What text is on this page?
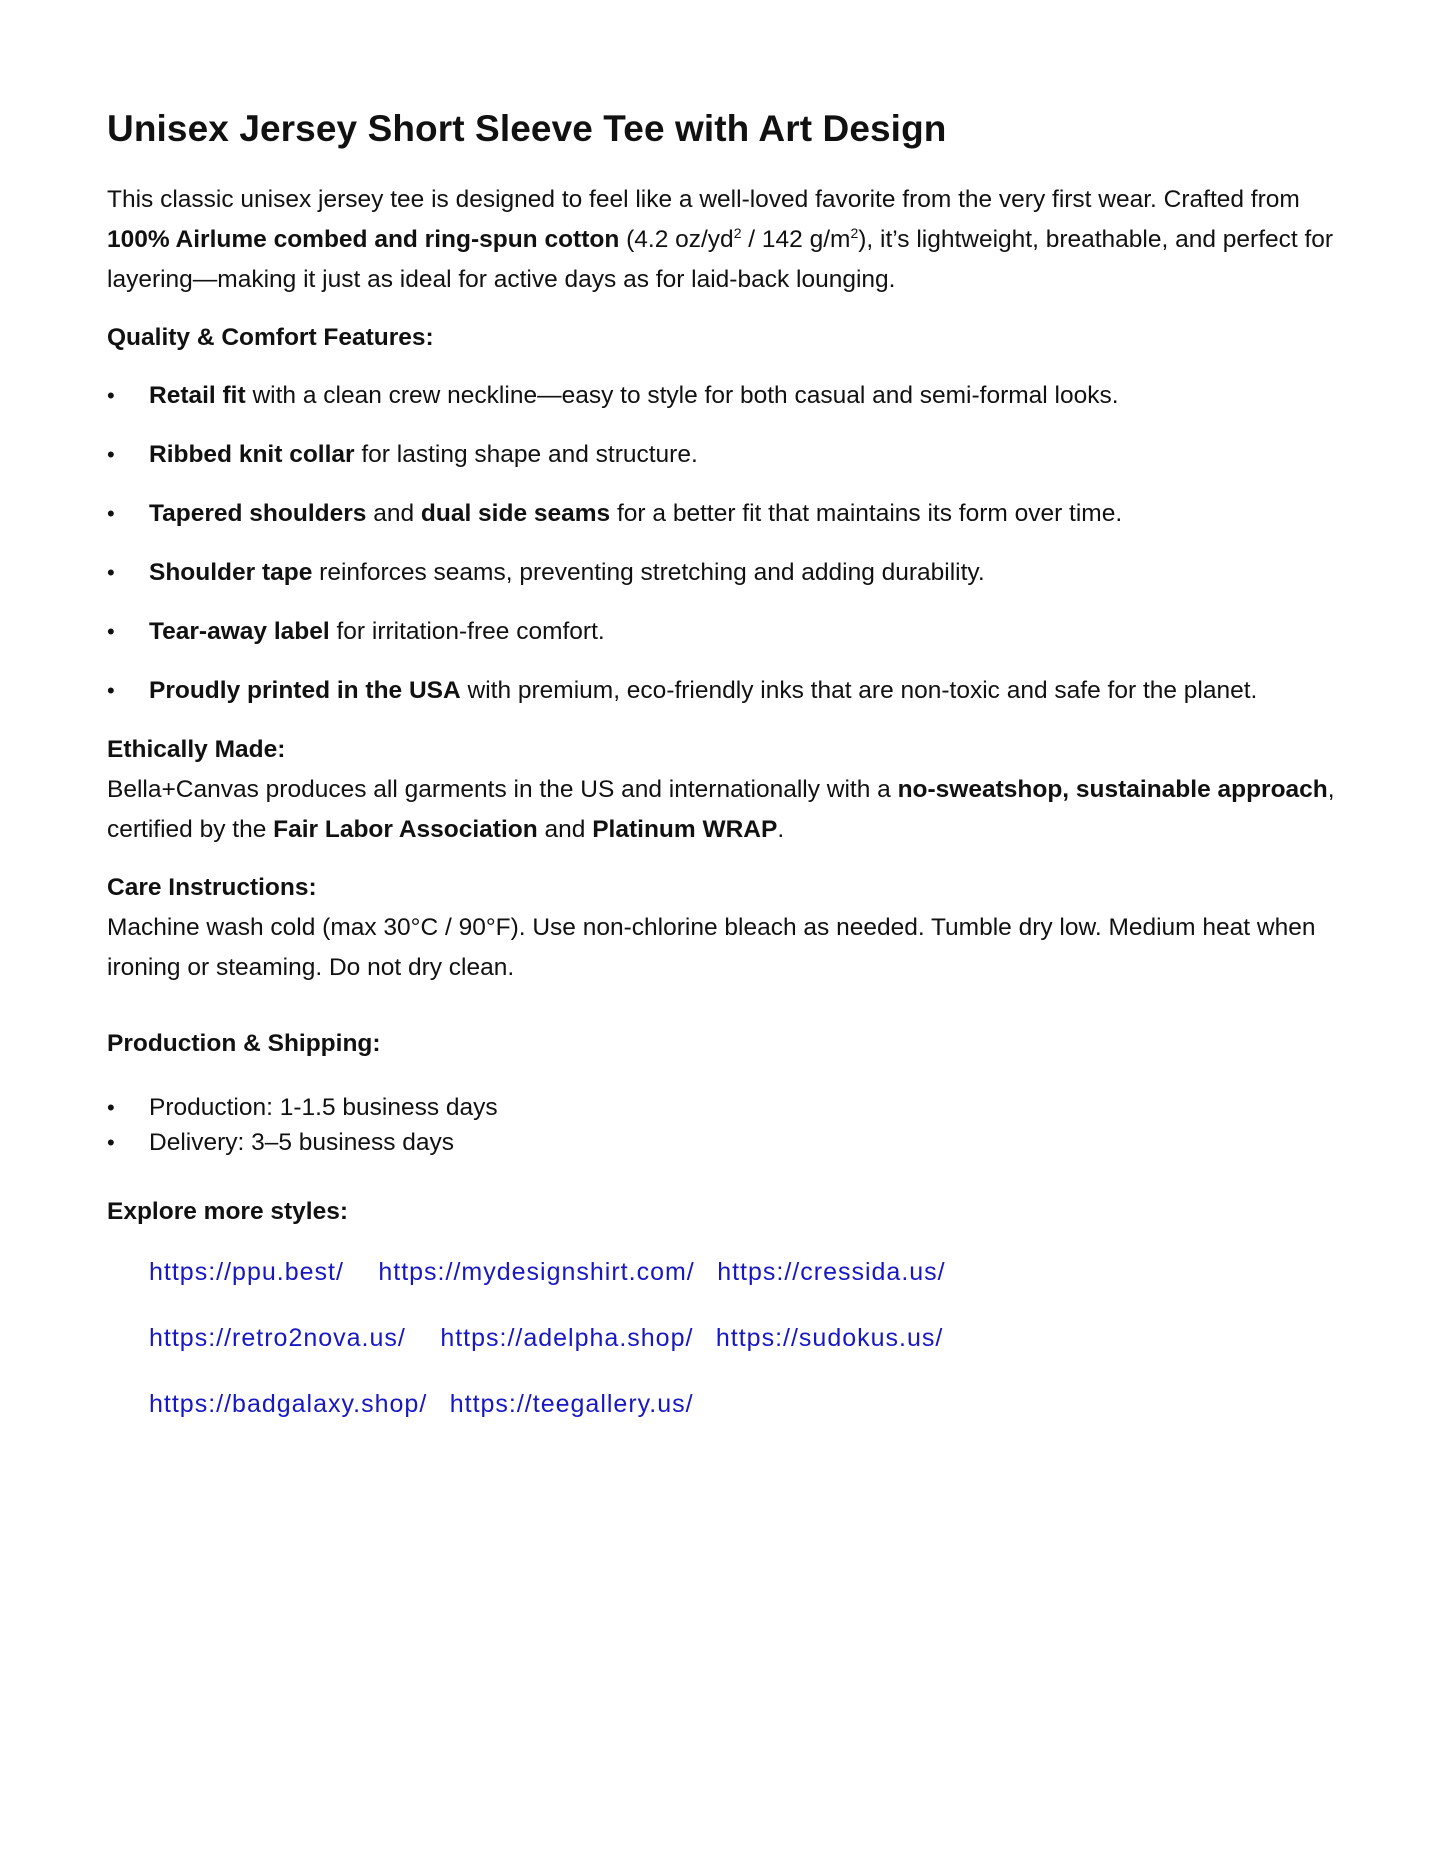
Unisex Jersey Short Sleeve Tee with Art Design

This classic unisex jersey tee is designed to feel like a well-loved favorite from the very first wear. Crafted from 100% Airlume combed and ring-spun cotton (4.2 $oz/yd^2 / 142$ $g/m^2$), it’s lightweight, breathable, and perfect for layering—making it just as ideal for active days as for laid-back lounging.

Quality & Comfort Features:
• Retail fit with a clean crew neckline—easy to style for both casual and semi-formal looks.
• Ribbed knit collar for lasting shape and structure.
• Tapered shoulders and dual side seams for a better fit that maintains its form over time.
• Shoulder tape reinforces seams, preventing stretching and adding durability.
• Tear-away label for irritation-free comfort.
• Proudly printed in the USA with premium, eco-friendly inks that are non-toxic and safe for the planet.
Ethically Made:

Bella+Canvas produces all garments in the US and internationally with a no-sweatshop, sustainable approach, certified by the Fair Labor Association and Platinum WRAP.

Care Instructions:

Machine wash cold (max 30°C / 90°F). Use non-chlorine bleach as needed. Tumble dry low. Medium heat when ironing or steaming. Do not dry clean.

Production & Shipping:
• Production: 1-1.5 business days
• Delivery: 3–5 business days
Explore more styles:
https://ppu.best/ https://mydesignshirt.com/ https://cressida.us/
https://retro2nova.us/ https://adelpha.shop/ https://sudokus.us/
https://badgalaxy.shop/ https://teegallery.us/
